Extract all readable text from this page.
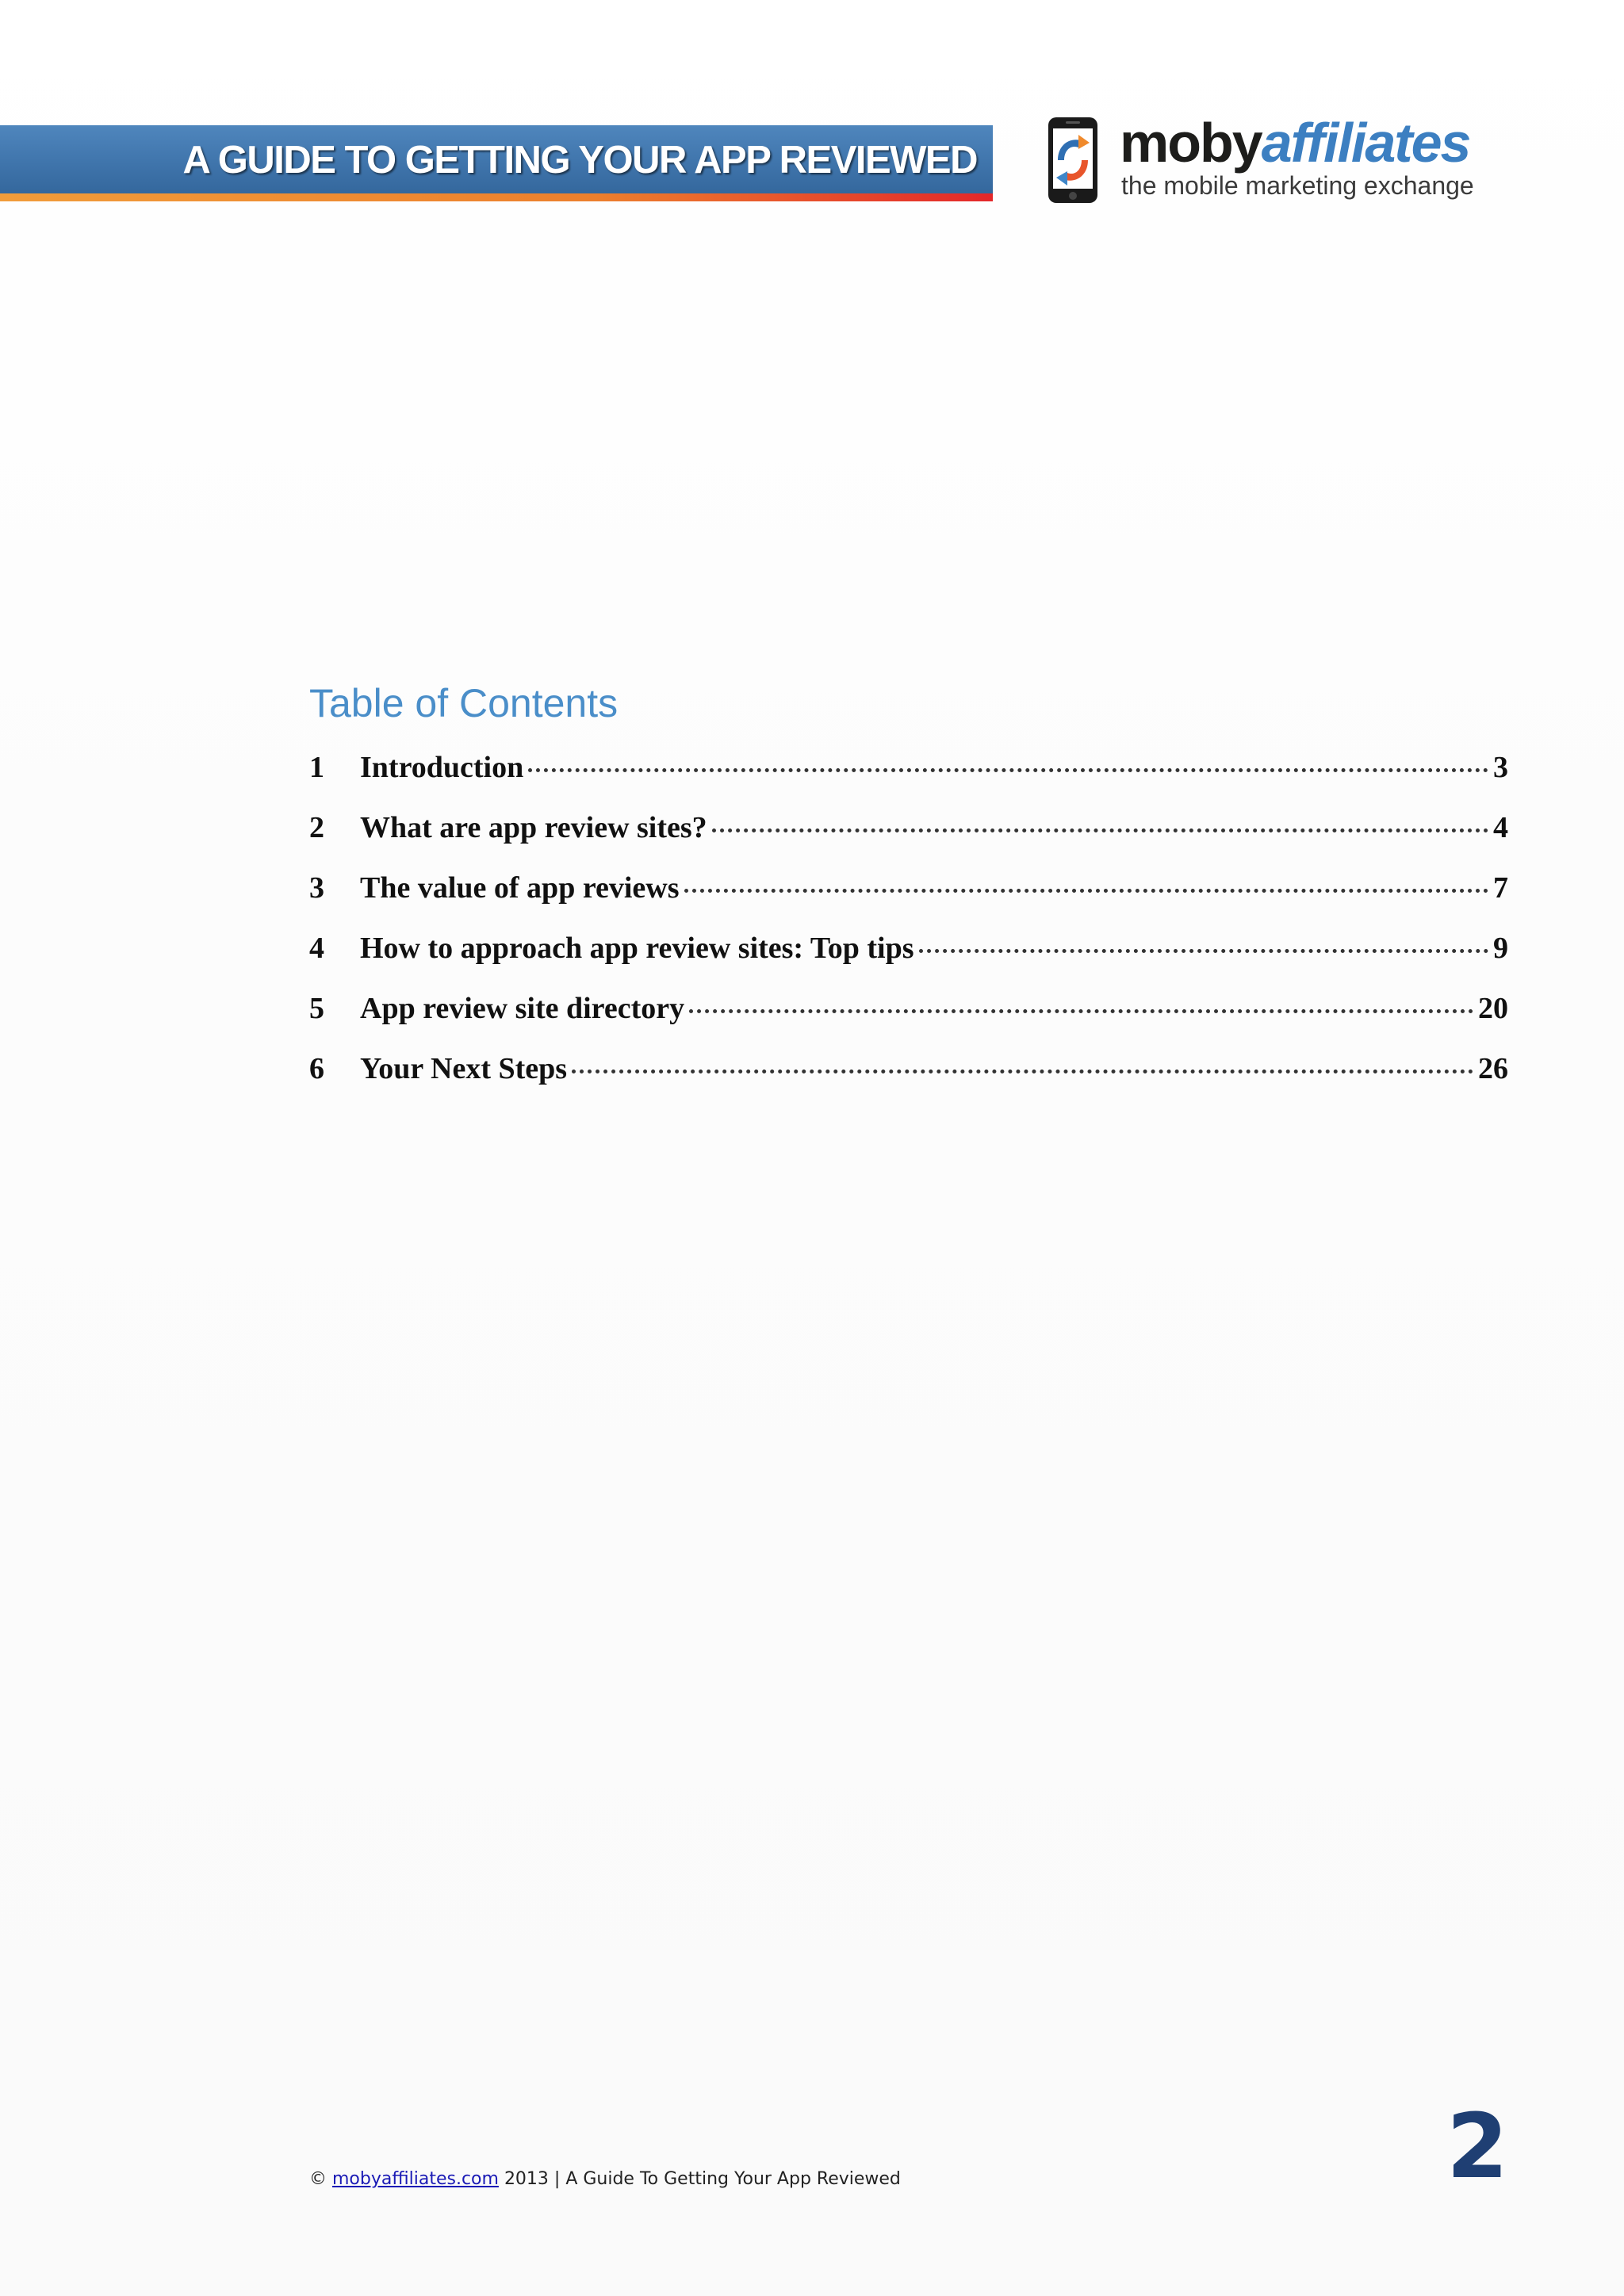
A GUIDE TO GETTING YOUR APP REVIEWED	mobyaffiliates
the mobile marketing exchange
Table of Contents
1	Introduction	3
2	What are app review sites?	4
3	The value of app reviews	7
4	How to approach app review sites: Top tips	9
5	App review site directory	20
6	Your Next Steps	26
© mobyaffiliates.com 2013 | A Guide To Getting Your App Reviewed	2
